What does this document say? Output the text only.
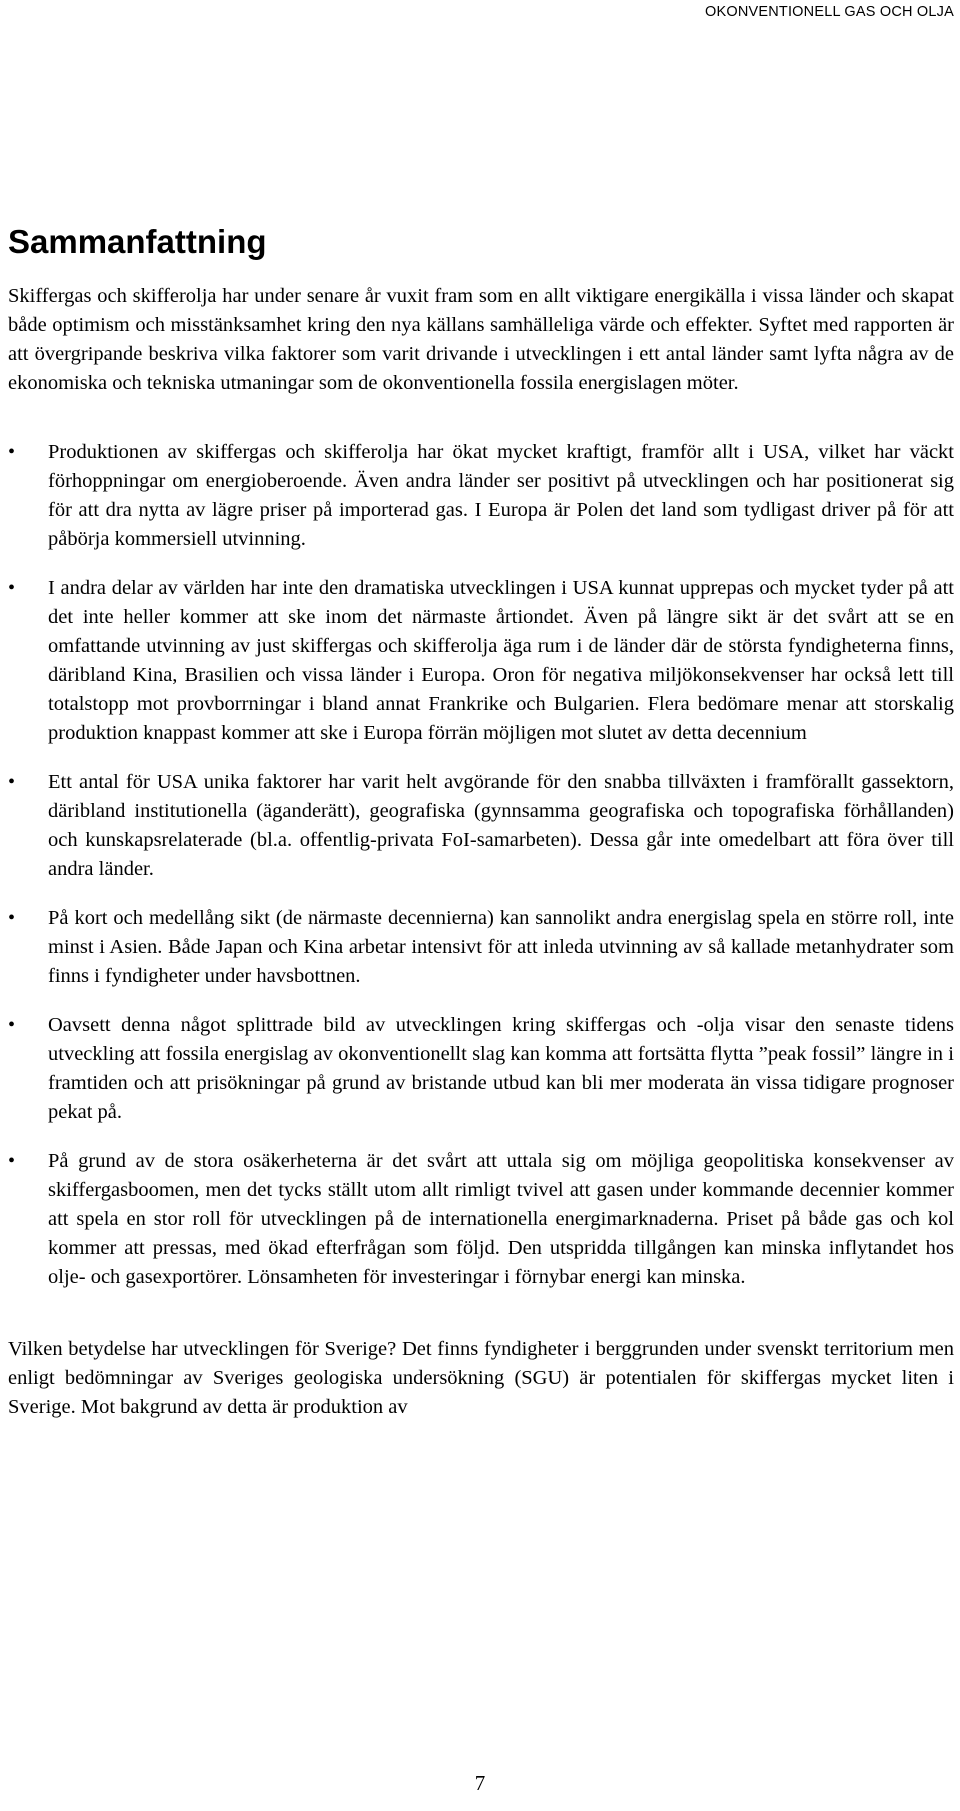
OKONVENTIONELL GAS OCH OLJA
Sammanfattning

Skiffergas och skifferolja har under senare år vuxit fram som en allt viktigare energikälla i vissa länder och skapat både optimism och misstänksamhet kring den nya källans samhälleliga värde och effekter. Syftet med rapporten är att övergripande beskriva vilka faktorer som varit drivande i utvecklingen i ett antal länder samt lyfta några av de ekonomiska och tekniska utmaningar som de okonventionella fossila energislagen möter.

• Produktionen av skiffergas och skifferolja har ökat mycket kraftigt, framför allt i USA, vilket har väckt förhoppningar om energioberoende. Även andra länder ser positivt på utvecklingen och har positionerat sig för att dra nytta av lägre priser på importerad gas. I Europa är Polen det land som tydligast driver på för att påbörja kommersiell utvinning.

• I andra delar av världen har inte den dramatiska utvecklingen i USA kunnat upprepas och mycket tyder på att det inte heller kommer att ske inom det närmaste årtiondet. Även på längre sikt är det svårt att se en omfattande utvinning av just skiffergas och skifferolja äga rum i de länder där de största fyndigheterna finns, däribland Kina, Brasilien och vissa länder i Europa. Oron för negativa miljökonsekvenser har också lett till totalstopp mot provborrningar i bland annat Frankrike och Bulgarien. Flera bedömare menar att storskalig produktion knappast kommer att ske i Europa förrän möjligen mot slutet av detta decennium

• Ett antal för USA unika faktorer har varit helt avgörande för den snabba tillväxten i framförallt gassektorn, däribland institutionella (äganderätt), geografiska (gynnsamma geografiska och topografiska förhållanden) och kunskapsrelaterade (bl.a. offentlig-privata FoI-samarbeten). Dessa går inte omedelbart att föra över till andra länder.

• På kort och medellång sikt (de närmaste decennierna) kan sannolikt andra energislag spela en större roll, inte minst i Asien. Både Japan och Kina arbetar intensivt för att inleda utvinning av så kallade metanhydrater som finns i fyndigheter under havsbottnen.

• Oavsett denna något splittrade bild av utvecklingen kring skiffergas och -olja visar den senaste tidens utveckling att fossila energislag av okonventionellt slag kan komma att fortsätta flytta ”peak fossil” längre in i framtiden och att prisökningar på grund av bristande utbud kan bli mer moderata än vissa tidigare prognoser pekat på.

• På grund av de stora osäkerheterna är det svårt att uttala sig om möjliga geopolitiska konsekvenser av skiffergasboomen, men det tycks ställt utom allt rimligt tvivel att gasen under kommande decennier kommer att spela en stor roll för utvecklingen på de internationella energimarknaderna. Priset på både gas och kol kommer att pressas, med ökad efterfrågan som följd. Den utspridda tillgången kan minska inflytandet hos olje- och gasexportörer. Lönsamheten för investeringar i förnybar energi kan minska.

Vilken betydelse har utvecklingen för Sverige? Det finns fyndigheter i berggrunden under svenskt territorium men enligt bedömningar av Sveriges geologiska undersökning (SGU) är potentialen för skiffergas mycket liten i Sverige. Mot bakgrund av detta är produktion av

7
